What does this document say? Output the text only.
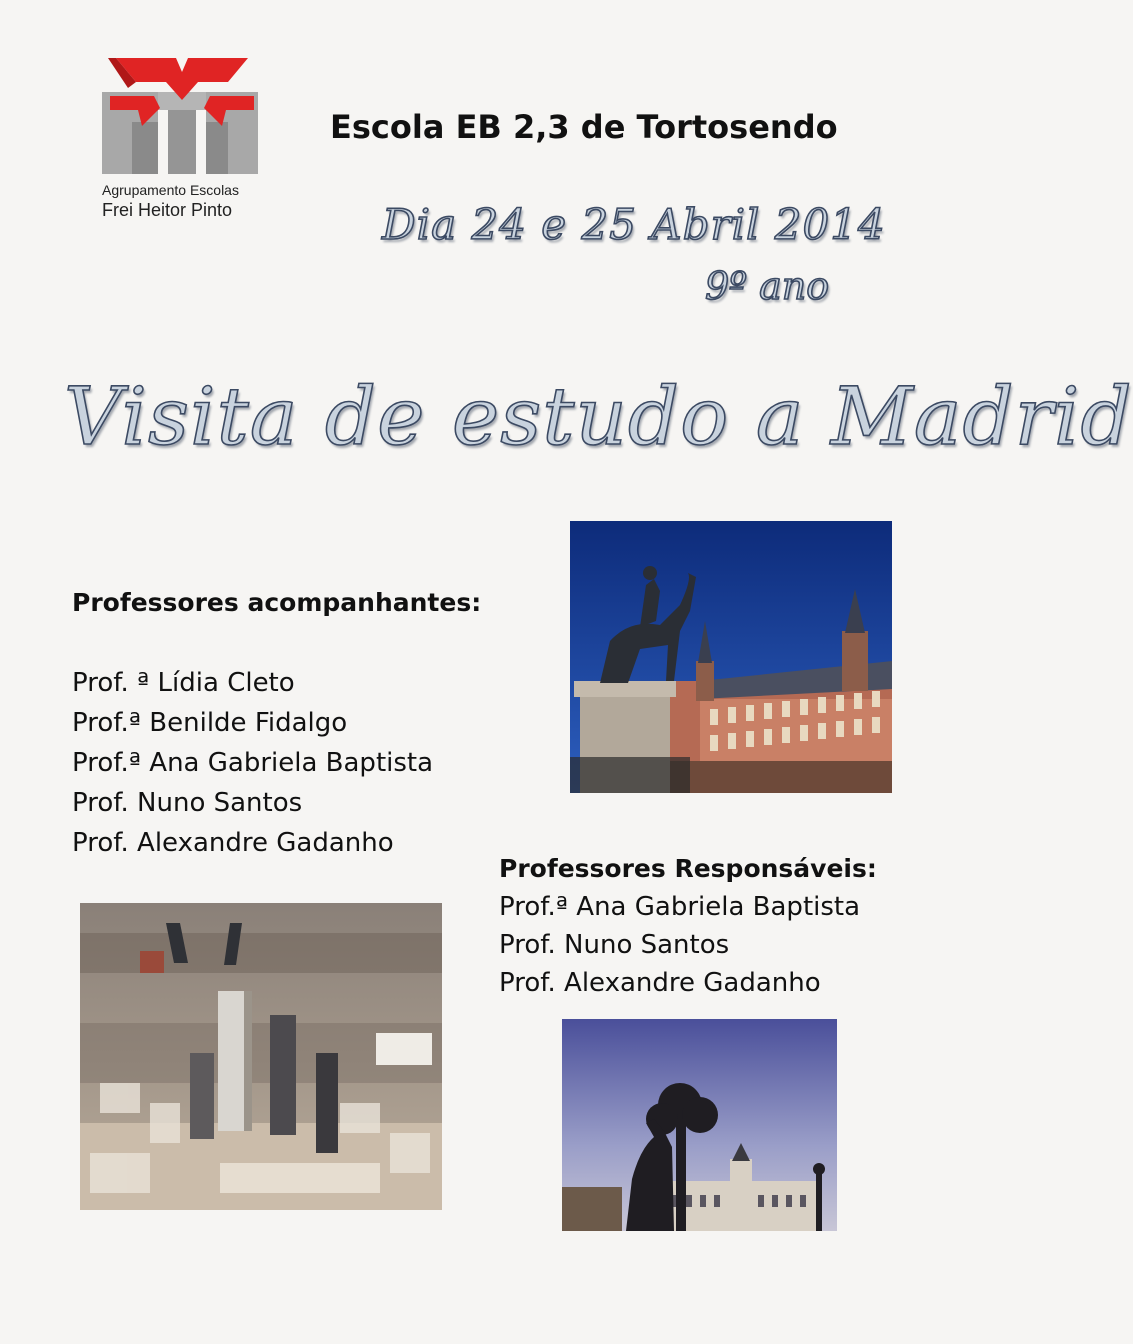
Agrupamento Escolas
Frei Heitor Pinto
Escola EB 2,3 de Tortosendo
Dia 24 e 25 Abril 2014
9º ano
Visita de estudo a Madrid
Professores acompanhantes:
Prof. ª Lídia Cleto
Prof.ª Benilde Fidalgo
Prof.ª Ana Gabriela Baptista
Prof. Nuno Santos
Prof. Alexandre Gadanho
Professores Responsáveis:
Prof.ª Ana Gabriela Baptista
Prof. Nuno Santos
Prof. Alexandre Gadanho
